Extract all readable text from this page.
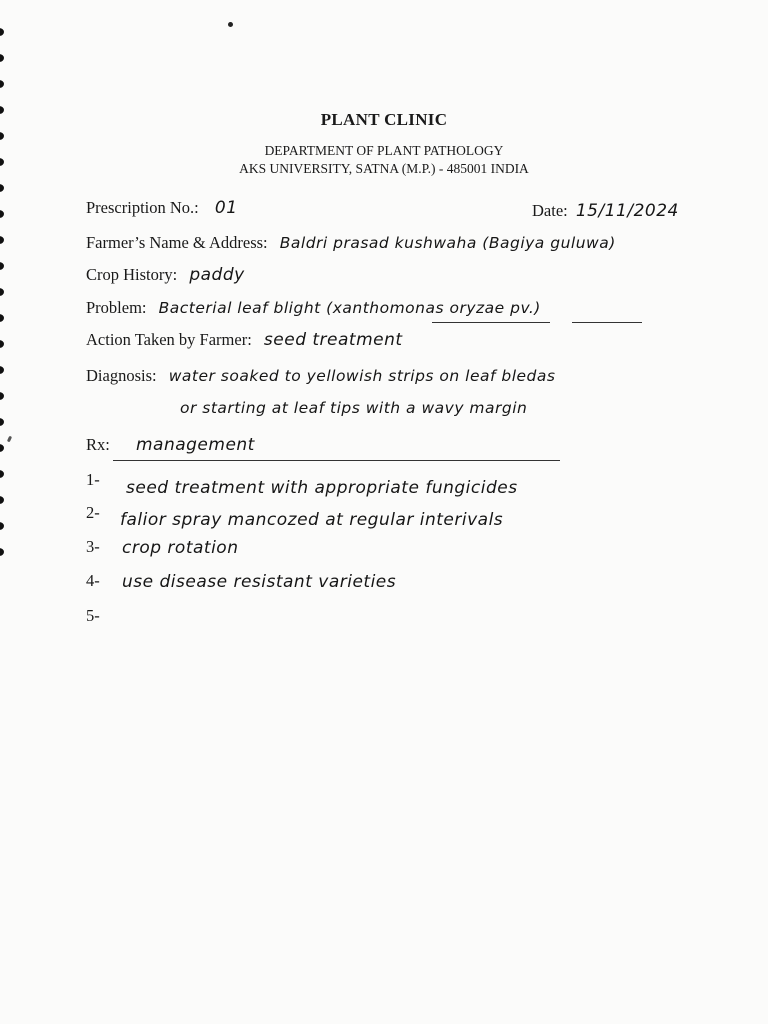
PLANT CLINIC
DEPARTMENT OF PLANT PATHOLOGY
AKS UNIVERSITY, SATNA (M.P.) - 485001 INDIA
Prescription No.: 01	Date: 15/11/2024
Farmer’s Name & Address: Baldri prasad kushwaha (Bagiya guluwa)
Crop History: paddy
Problem: Bacterial leaf blight (xanthomonas oryzae pv.)
Action Taken by Farmer: seed treatment
Diagnosis: water soaked to yellowish strips on leaf bledas
or starting at leaf tips with a wavy margin
Rx: management
1- seed treatment with appropriate fungicides
2- falior spray mancozed at regular interivals
3- crop rotation
4- use disease resistant varieties
5-
